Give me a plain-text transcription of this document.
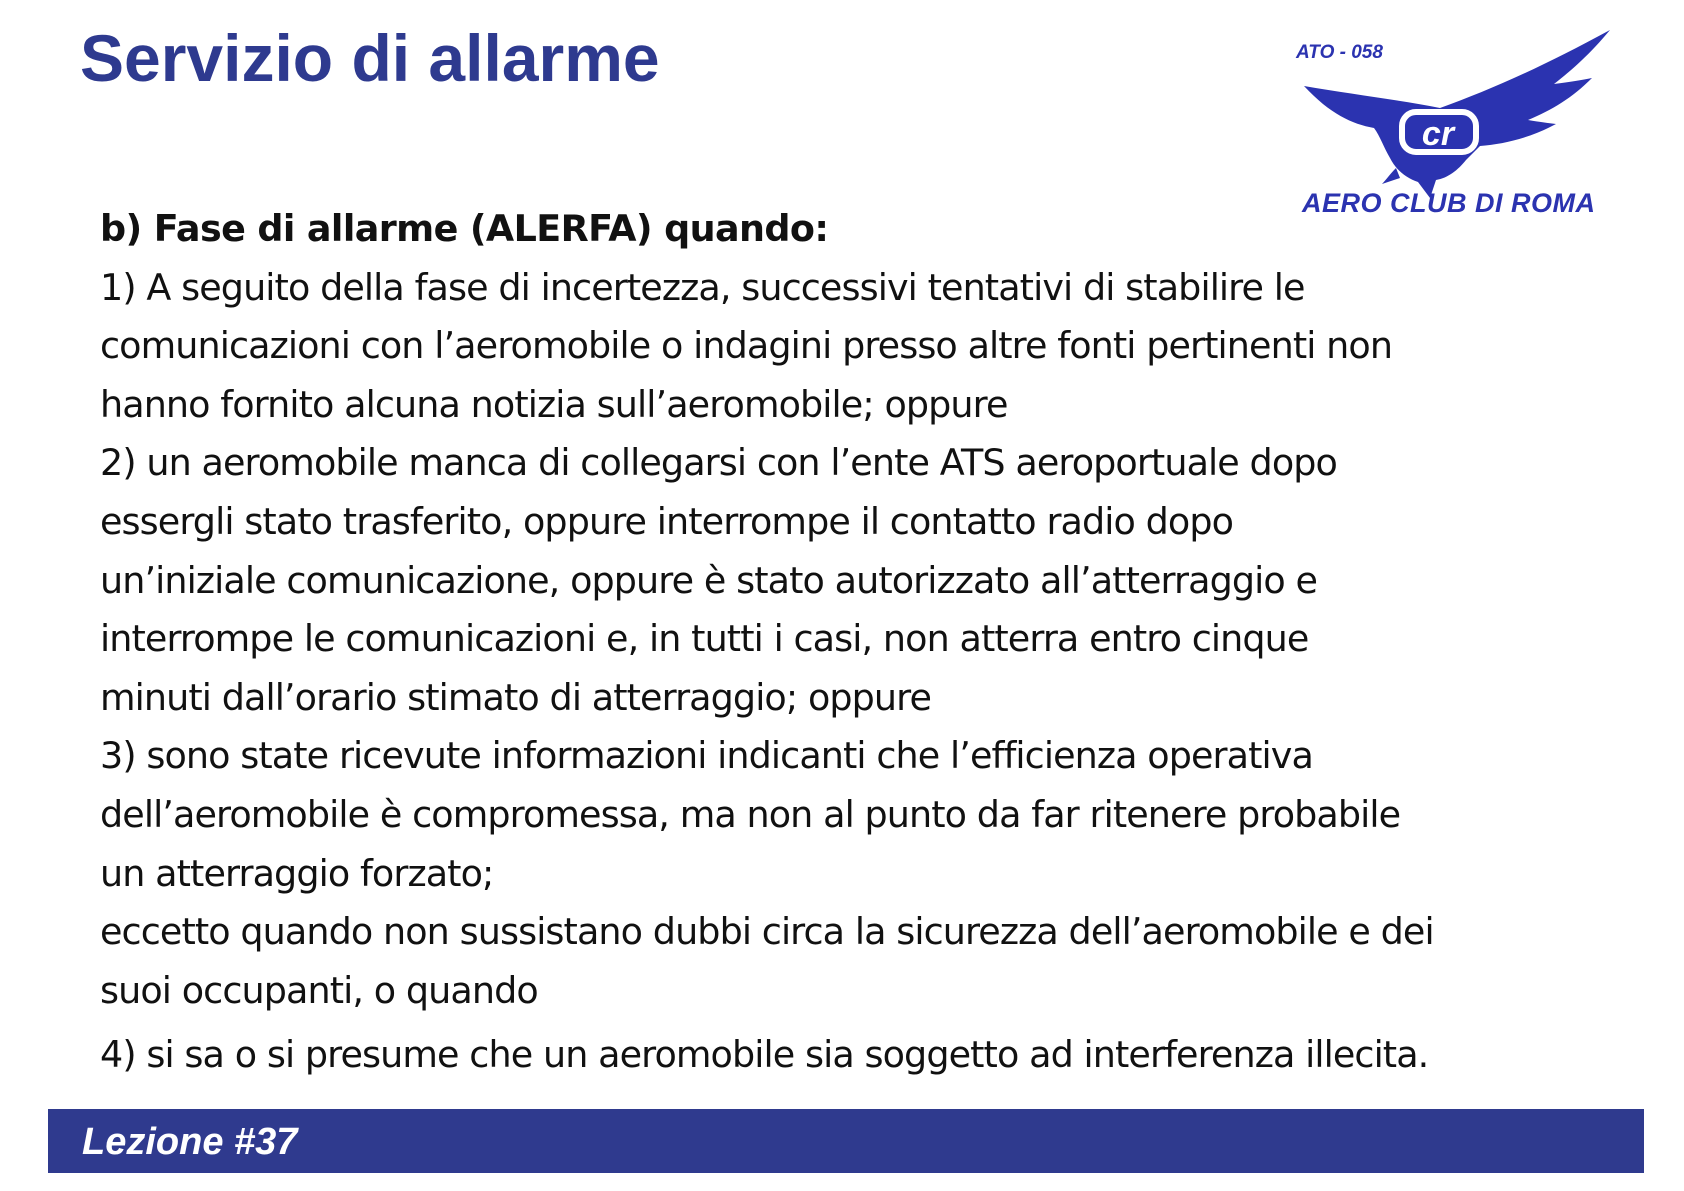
Servizio di allarme
cr
ATO - 058
AERO CLUB DI ROMA
b) Fase di allarme (ALERFA) quando:
1) A seguito della fase di incertezza, successivi tentativi di stabilire le
comunicazioni con l’aeromobile o indagini presso altre fonti pertinenti non
hanno fornito alcuna notizia sull’aeromobile; oppure
2) un aeromobile manca di collegarsi con l’ente ATS aeroportuale dopo
essergli stato trasferito, oppure interrompe il contatto radio dopo
un’iniziale comunicazione, oppure è stato autorizzato all’atterraggio e
interrompe le comunicazioni e, in tutti i casi, non atterra entro cinque
minuti dall’orario stimato di atterraggio; oppure
3) sono state ricevute informazioni indicanti che l’efficienza operativa
dell’aeromobile è compromessa, ma non al punto da far ritenere probabile
un atterraggio forzato;
eccetto quando non sussistano dubbi circa la sicurezza dell’aeromobile e dei
suoi occupanti, o quando
4) si sa o si presume che un aeromobile sia soggetto ad interferenza illecita.
Lezione #37
